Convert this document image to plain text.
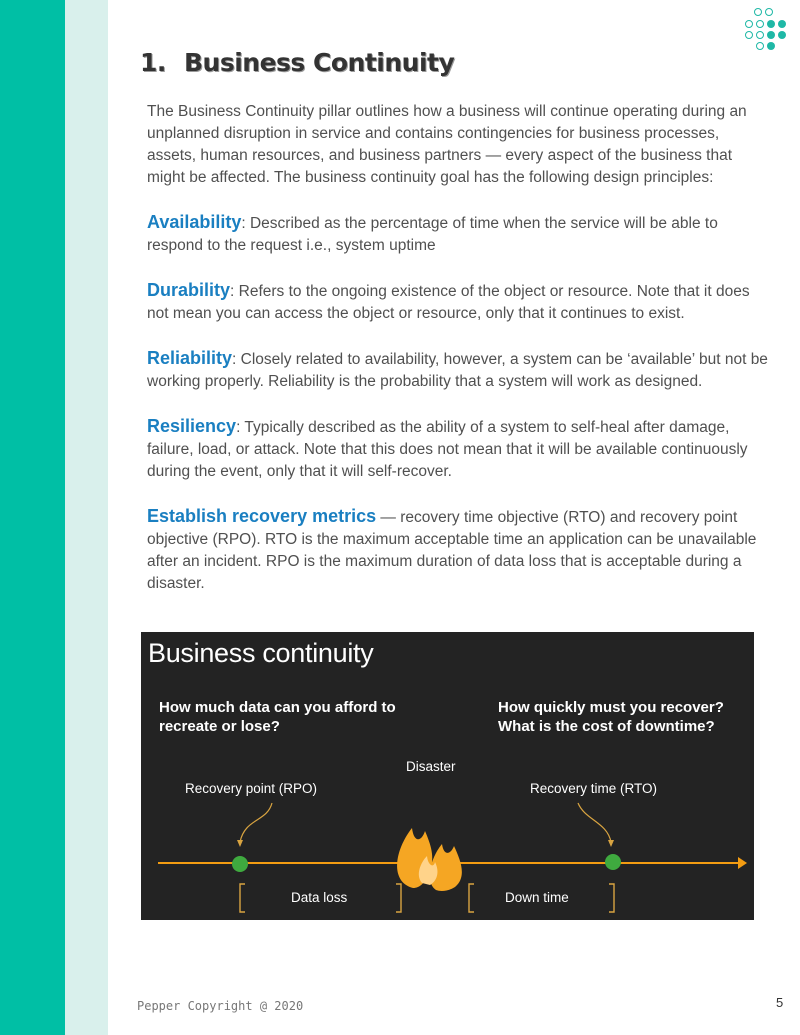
1. Business Continuity

The Business Continuity pillar outlines how a business will continue operating during an unplanned disruption in service and contains contingencies for business processes, assets, human resources, and business partners — every aspect of the business that might be affected. The business continuity goal has the following design principles:

Availability: Described as the percentage of time when the service will be able to respond to the request i.e., system uptime

Durability: Refers to the ongoing existence of the object or resource. Note that it does not mean you can access the object or resource, only that it continues to exist.

Reliability: Closely related to availability, however, a system can be ‘available’ but not be working properly. Reliability is the probability that a system will work as designed.

Resiliency: Typically described as the ability of a system to self-heal after damage, failure, load, or attack. Note that this does not mean that it will be available continuously during the event, only that it will self-recover.

Establish recovery metrics — recovery time objective (RTO) and recovery point objective (RPO). RTO is the maximum acceptable time an application can be unavailable after an incident. RPO is the maximum duration of data loss that is acceptable during a disaster.

Business continuity
How much data can you afford to recreate or lose?
How quickly must you recover? What is the cost of downtime?
Disaster
Recovery point (RPO)	Recovery time (RTO)
Data loss	Down time
Pepper Copyright @ 2020	5
